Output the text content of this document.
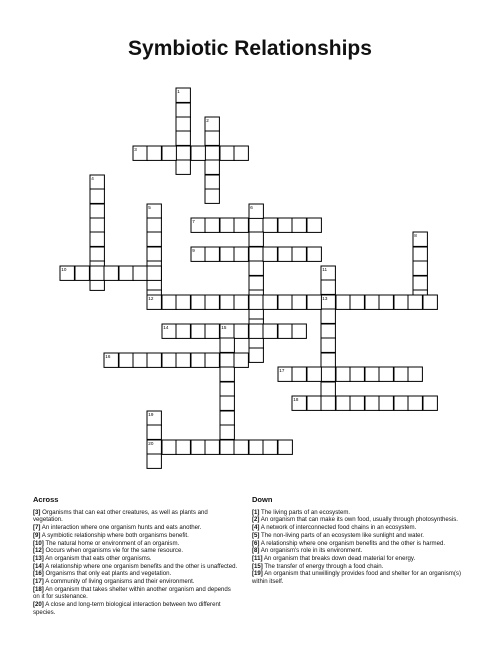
Symbiotic Relationships
1
2
3
4
5	6
7
8
9
10	11
12	13
14	15
16
17
18
19
20
Across
[3] Organisms that can eat other creatures, as well as plants and vegetation.
[7] An interaction where one organism hunts and eats another.
[9] A symbiotic relationship where both organisms benefit.
[10] The natural home or environment of an organism.
[12] Occurs when organisms vie for the same resource.
[13] An organism that eats other organisms.
[14] A relationship where one organism benefits and the other is unaffected.
[16] Organisms that only eat plants and vegetation.
[17] A community of living organisms and their environment.
[18] An organism that takes shelter within another organism and depends on it for sustenance.
[20] A close and long-term biological interaction between two different species.
Down
[1] The living parts of an ecosystem.
[2] An organism that can make its own food, usually through photosynthesis.
[4] A network of interconnected food chains in an ecosystem.
[5] The non-living parts of an ecosystem like sunlight and water.
[6] A relationship where one organism benefits and the other is harmed.
[8] An organism's role in its environment.
[11] An organism that breaks down dead material for energy.
[15] The transfer of energy through a food chain.
[19] An organism that unwillingly provides food and shelter for an organism(s) within itself.
